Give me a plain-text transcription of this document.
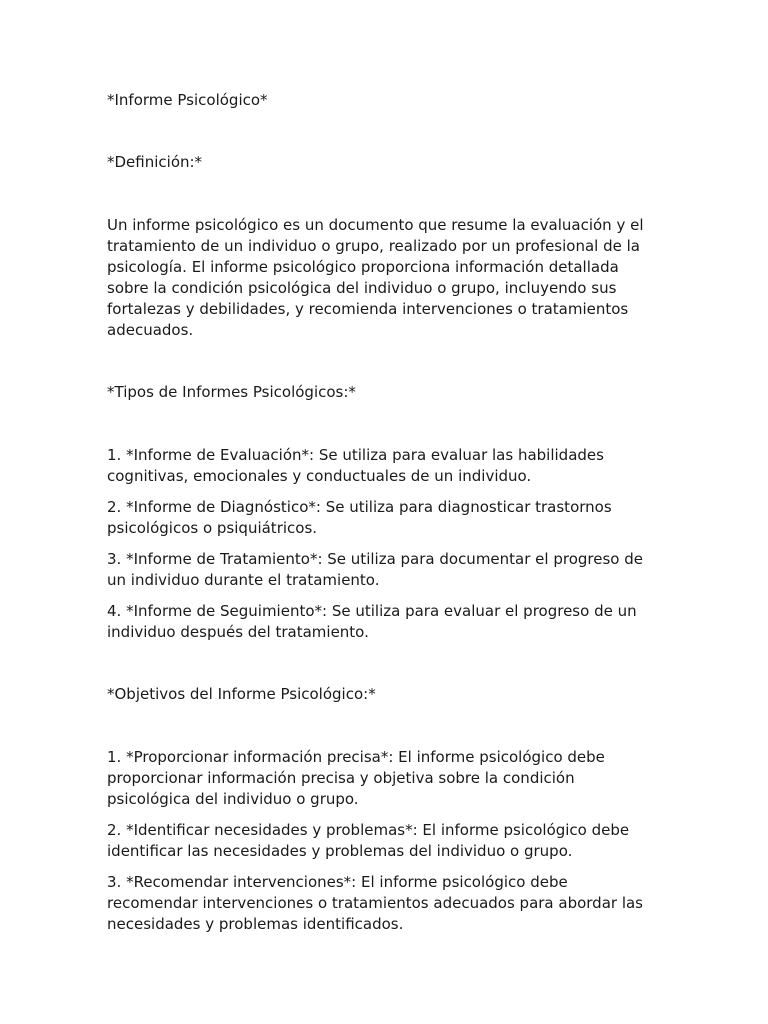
*Informe Psicológico*

*Definición:*

Un informe psicológico es un documento que resume la evaluación y el tratamiento de un individuo o grupo, realizado por un profesional de la psicología. El informe psicológico proporciona información detallada sobre la condición psicológica del individuo o grupo, incluyendo sus fortalezas y debilidades, y recomienda intervenciones o tratamientos adecuados.

*Tipos de Informes Psicológicos:*

1. *Informe de Evaluación*: Se utiliza para evaluar las habilidades cognitivas, emocionales y conductuales de un individuo.

2. *Informe de Diagnóstico*: Se utiliza para diagnosticar trastornos psicológicos o psiquiátricos.

3. *Informe de Tratamiento*: Se utiliza para documentar el progreso de un individuo durante el tratamiento.

4. *Informe de Seguimiento*: Se utiliza para evaluar el progreso de un individuo después del tratamiento.

*Objetivos del Informe Psicológico:*

1. *Proporcionar información precisa*: El informe psicológico debe proporcionar información precisa y objetiva sobre la condición psicológica del individuo o grupo.

2. *Identificar necesidades y problemas*: El informe psicológico debe identificar las necesidades y problemas del individuo o grupo.

3. *Recomendar intervenciones*: El informe psicológico debe recomendar intervenciones o tratamientos adecuados para abordar las necesidades y problemas identificados.
